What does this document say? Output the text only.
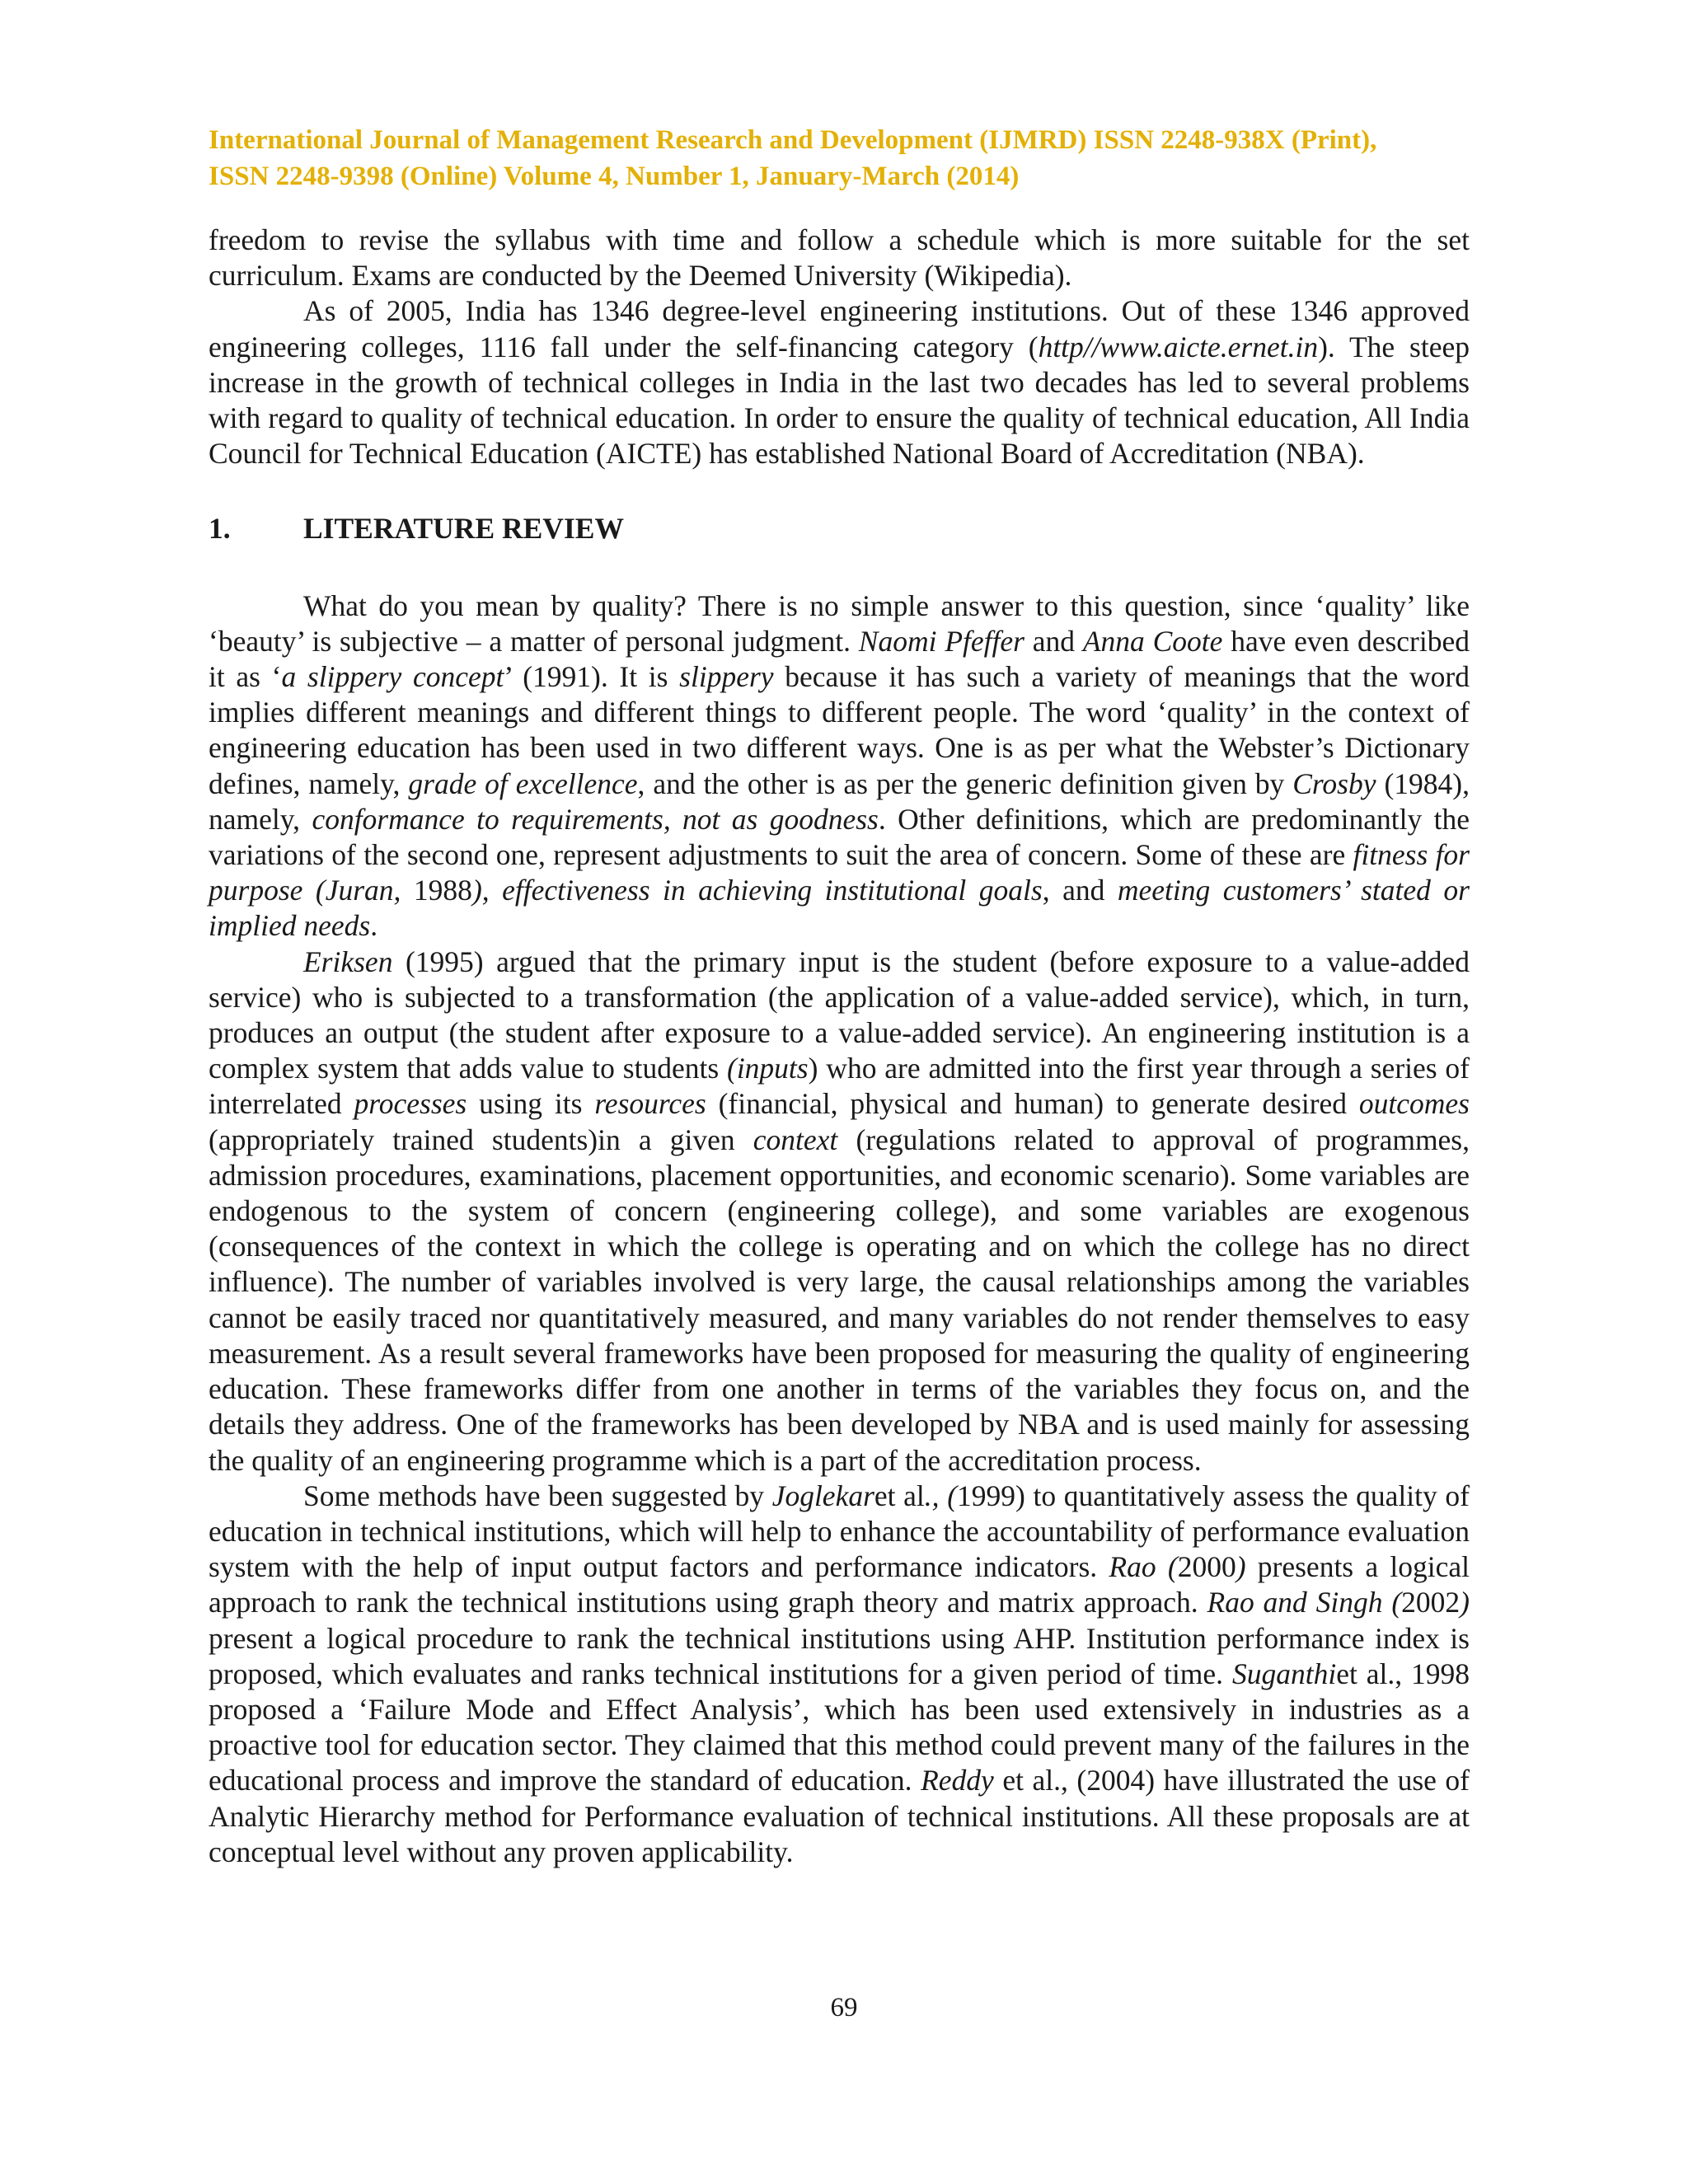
International Journal of Management Research and Development (IJMRD) ISSN 2248-938X (Print),
ISSN 2248-9398 (Online) Volume 4, Number 1, January-March (2014)

freedom to revise the syllabus with time and follow a schedule which is more suitable for the set curriculum. Exams are conducted by the Deemed University (Wikipedia).

As of 2005, India has 1346 degree-level engineering institutions. Out of these 1346 approved engineering colleges, 1116 fall under the self-financing category (http//www.aicte.ernet.in). The steep increase in the growth of technical colleges in India in the last two decades has led to several problems with regard to quality of technical education. In order to ensure the quality of technical education, All India Council for Technical Education (AICTE) has established National Board of Accreditation (NBA).

1.	LITERATURE REVIEW

What do you mean by quality? There is no simple answer to this question, since ‘quality’ like ‘beauty’ is subjective – a matter of personal judgment. Naomi Pfeffer and Anna Coote have even described it as ‘a slippery concept’ (1991). It is slippery because it has such a variety of meanings that the word implies different meanings and different things to different people. The word ‘quality’ in the context of engineering education has been used in two different ways. One is as per what the Webster’s Dictionary defines, namely, grade of excellence, and the other is as per the generic definition given by Crosby (1984), namely, conformance to requirements, not as goodness. Other definitions, which are predominantly the variations of the second one, represent adjustments to suit the area of concern. Some of these are fitness for purpose (Juran, 1988), effectiveness in achieving institutional goals, and meeting customers’ stated or implied needs.

Eriksen (1995) argued that the primary input is the student (before exposure to a value-added service) who is subjected to a transformation (the application of a value-added service), which, in turn, produces an output (the student after exposure to a value-added service). An engineering institution is a complex system that adds value to students (inputs) who are admitted into the first year through a series of interrelated processes using its resources (financial, physical and human) to generate desired outcomes (appropriately trained students)in a given context (regulations related to approval of programmes, admission procedures, examinations, placement opportunities, and economic scenario). Some variables are endogenous to the system of concern (engineering college), and some variables are exogenous (consequences of the context in which the college is operating and on which the college has no direct influence). The number of variables involved is very large, the causal relationships among the variables cannot be easily traced nor quantitatively measured, and many variables do not render themselves to easy measurement. As a result several frameworks have been proposed for measuring the quality of engineering education. These frameworks differ from one another in terms of the variables they focus on, and the details they address. One of the frameworks has been developed by NBA and is used mainly for assessing the quality of an engineering programme which is a part of the accreditation process.

Some methods have been suggested by Joglekaret al., (1999) to quantitatively assess the quality of education in technical institutions, which will help to enhance the accountability of performance evaluation system with the help of input output factors and performance indicators. Rao (2000) presents a logical approach to rank the technical institutions using graph theory and matrix approach. Rao and Singh (2002) present a logical procedure to rank the technical institutions using AHP. Institution performance index is proposed, which evaluates and ranks technical institutions for a given period of time. Suganthiet al., 1998 proposed a ‘Failure Mode and Effect Analysis’, which has been used extensively in industries as a proactive tool for education sector. They claimed that this method could prevent many of the failures in the educational process and improve the standard of education. Reddy et al., (2004) have illustrated the use of Analytic Hierarchy method for Performance evaluation of technical institutions. All these proposals are at conceptual level without any proven applicability.

69
